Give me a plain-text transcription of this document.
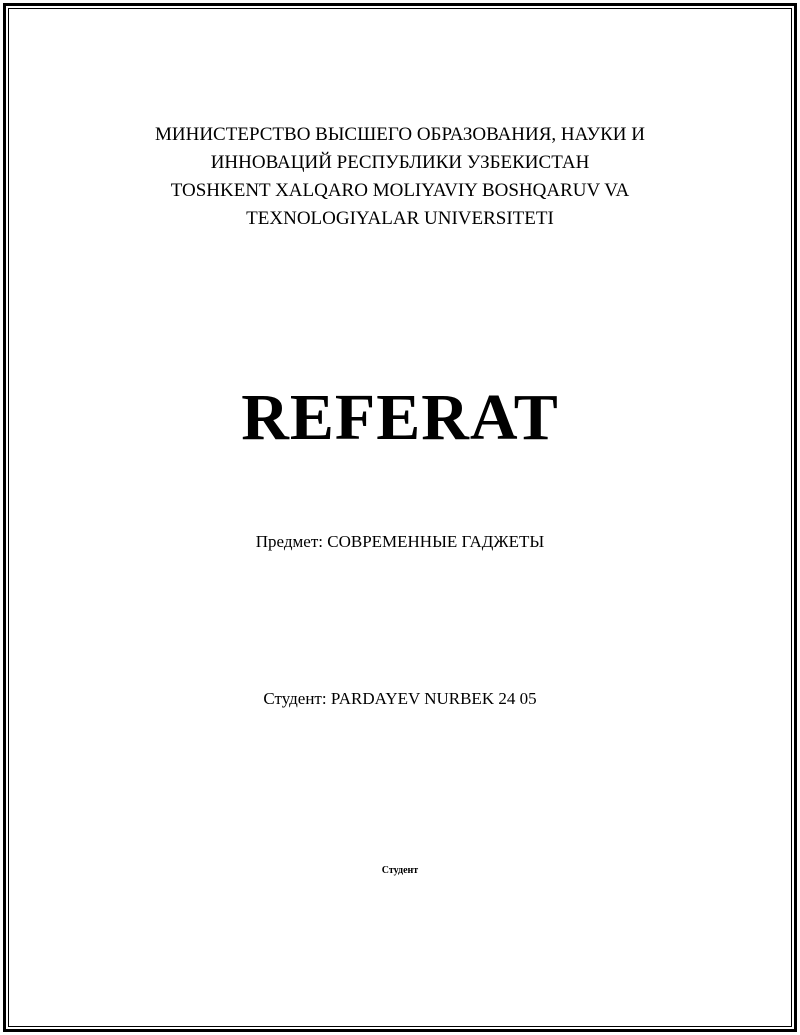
МИНИСТЕРСТВО ВЫСШЕГО ОБРАЗОВАНИЯ, НАУКИ И
ИННОВАЦИЙ РЕСПУБЛИКИ УЗБЕКИСТАН
TOSHKENT XALQARO MOLIYAVIY BOSHQARUV VA
TEXNOLOGIYALAR UNIVERSITETI
REFERAT
Предмет: СОВРЕМЕННЫЕ ГАДЖЕТЫ
Студент: PARDAYEV NURBEK 24 05
Студент
